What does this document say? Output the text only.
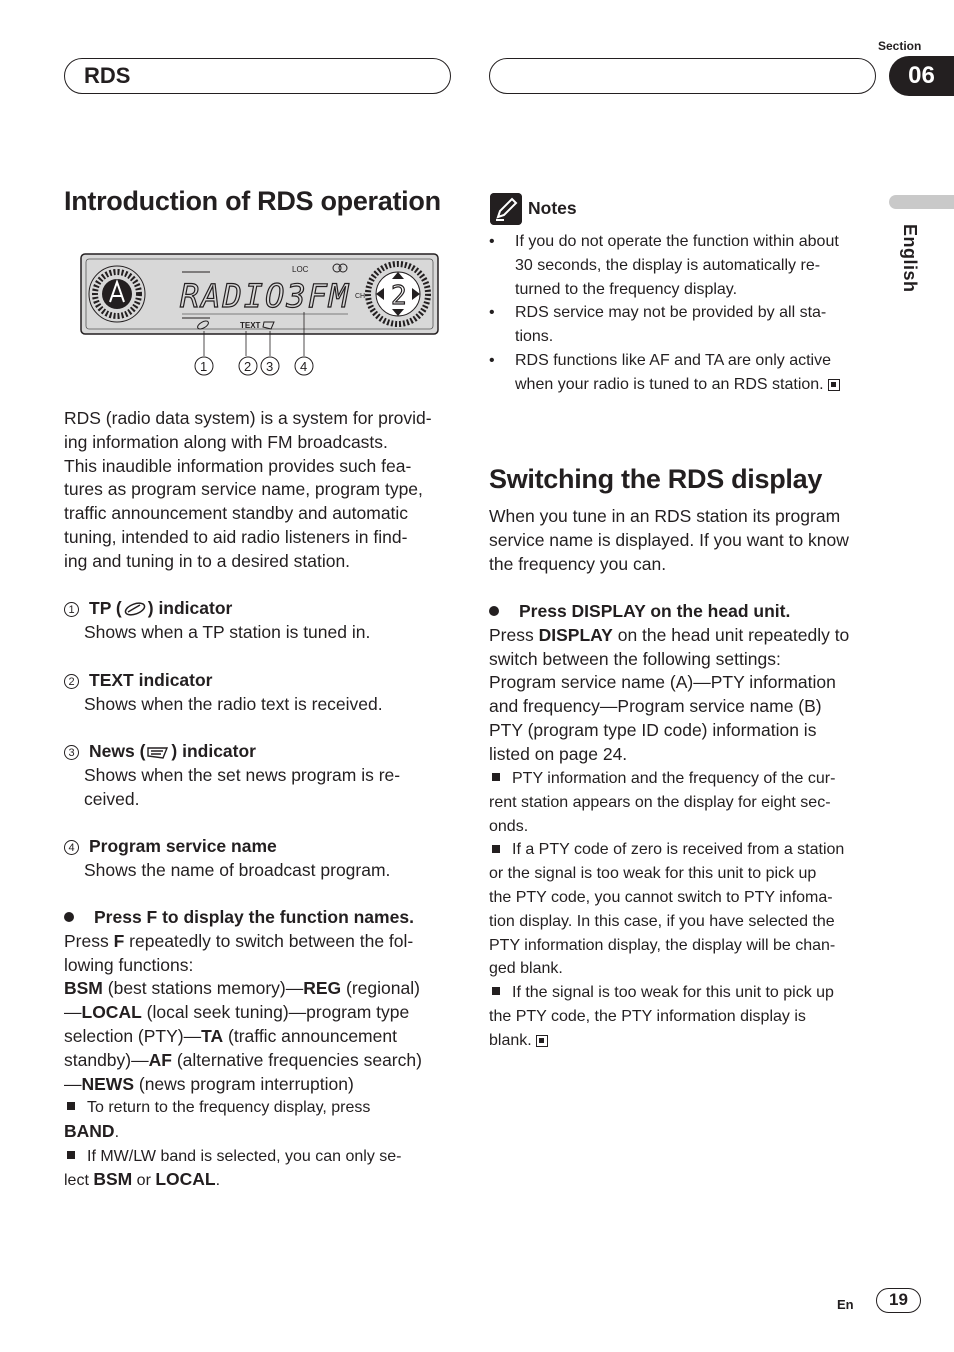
RDS
Section
06
English
Introduction of RDS operation
LOC
RADIO3FM CH
TEXT
2
1	2 3 4
RDS (radio data system) is a system for provid-
ing information along with FM broadcasts.
This inaudible information provides such fea-
tures as program service name, program type,
traffic announcement standby and automatic
tuning, intended to aid radio listeners in find-
ing and tuning in to a desired station.
1 TP ( ) indicator
Shows when a TP station is tuned in.
2 TEXT indicator
Shows when the radio text is received.
3 News ( ) indicator
Shows when the set news program is re-
ceived.
4 Program service name
Shows the name of broadcast program.
Press F to display the function names.
Press F repeatedly to switch between the fol-
lowing functions:
BSM (best stations memory)—REG (regional)
—LOCAL (local seek tuning)—program type
selection (PTY)—TA (traffic announcement
standby)—AF (alternative frequencies search)
—NEWS (news program interruption)
To return to the frequency display, press
BAND.
If MW/LW band is selected, you can only se-
lect BSM or LOCAL.
Notes
• If you do not operate the function within about
30 seconds, the display is automatically re-
turned to the frequency display.
• RDS service may not be provided by all sta-
tions.
• RDS functions like AF and TA are only active
when your radio is tuned to an RDS station.
Switching the RDS display
When you tune in an RDS station its program
service name is displayed. If you want to know
the frequency you can.
Press DISPLAY on the head unit.
Press DISPLAY on the head unit repeatedly to
switch between the following settings:
Program service name (A)—PTY information
and frequency—Program service name (B)
PTY (program type ID code) information is
listed on page 24.
PTY information and the frequency of the cur-
rent station appears on the display for eight sec-
onds.
If a PTY code of zero is received from a station
or the signal is too weak for this unit to pick up
the PTY code, you cannot switch to PTY infoma-
tion display. In this case, if you have selected the
PTY information display, the display will be chan-
ged blank.
If the signal is too weak for this unit to pick up
the PTY code, the PTY information display is
blank.
En	19
